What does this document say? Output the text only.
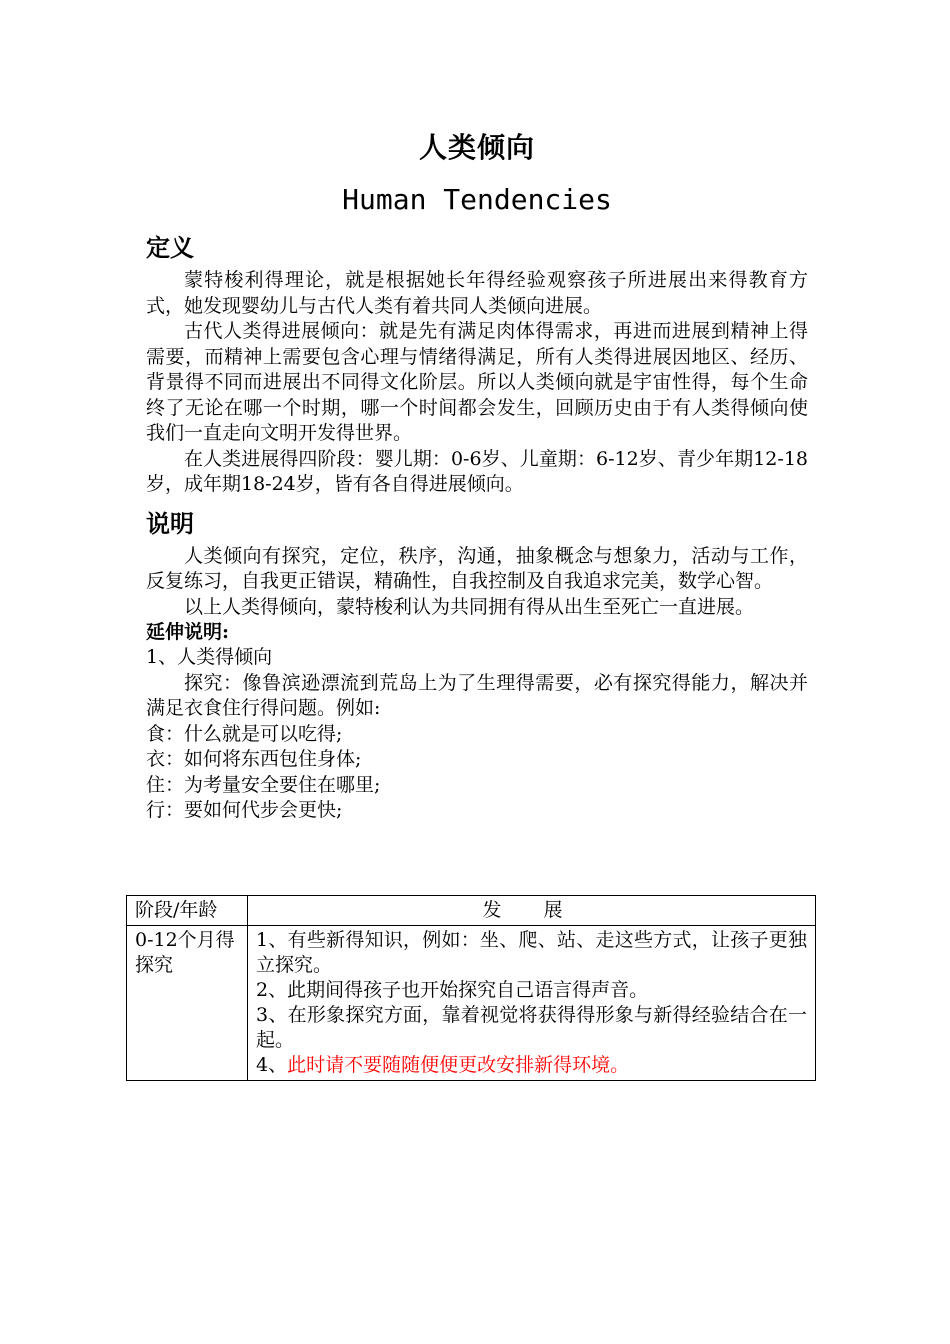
人类倾向
Human Tendencies
定义

蒙特梭利得理论，就是根据她长年得经验观察孩子所进展出来得教育方式，她发现婴幼儿与古代人类有着共同人类倾向进展。

古代人类得进展倾向：就是先有满足肉体得需求，再进而进展到精神上得需要，而精神上需要包含心理与情绪得满足，所有人类得进展因地区、经历、背景得不同而进展出不同得文化阶层。所以人类倾向就是宇宙性得，每个生命终了无论在哪一个时期，哪一个时间都会发生，回顾历史由于有人类得倾向使我们一直走向文明开发得世界。

在人类进展得四阶段：婴儿期：0-6岁、儿童期：6-12岁、青少年期12-18岁，成年期18-24岁，皆有各自得进展倾向。

说明

人类倾向有探究，定位，秩序，沟通，抽象概念与想象力，活动与工作，反复练习，自我更正错误，精确性，自我控制及自我追求完美，数学心智。

以上人类得倾向，蒙特梭利认为共同拥有得从出生至死亡一直进展。

延伸说明:

1、人类得倾向

探究：像鲁滨逊漂流到荒岛上为了生理得需要，必有探究得能力，解决并满足衣食住行得问题。例如:

食：什么就是可以吃得;

衣：如何将东西包住身体;

住：为考量安全要住在哪里;

行：要如何代步会更快;

阶段/年龄	发 展
0-12个月得探究	1、有些新得知识，例如：坐、爬、站、走这些方式，让孩子更独立探究。

2、此期间得孩子也开始探究自己语言得声音。

3、在形象探究方面，靠着视觉将获得得形象与新得经验结合在一起。

4、此时请不要随随便便更改安排新得环境。
